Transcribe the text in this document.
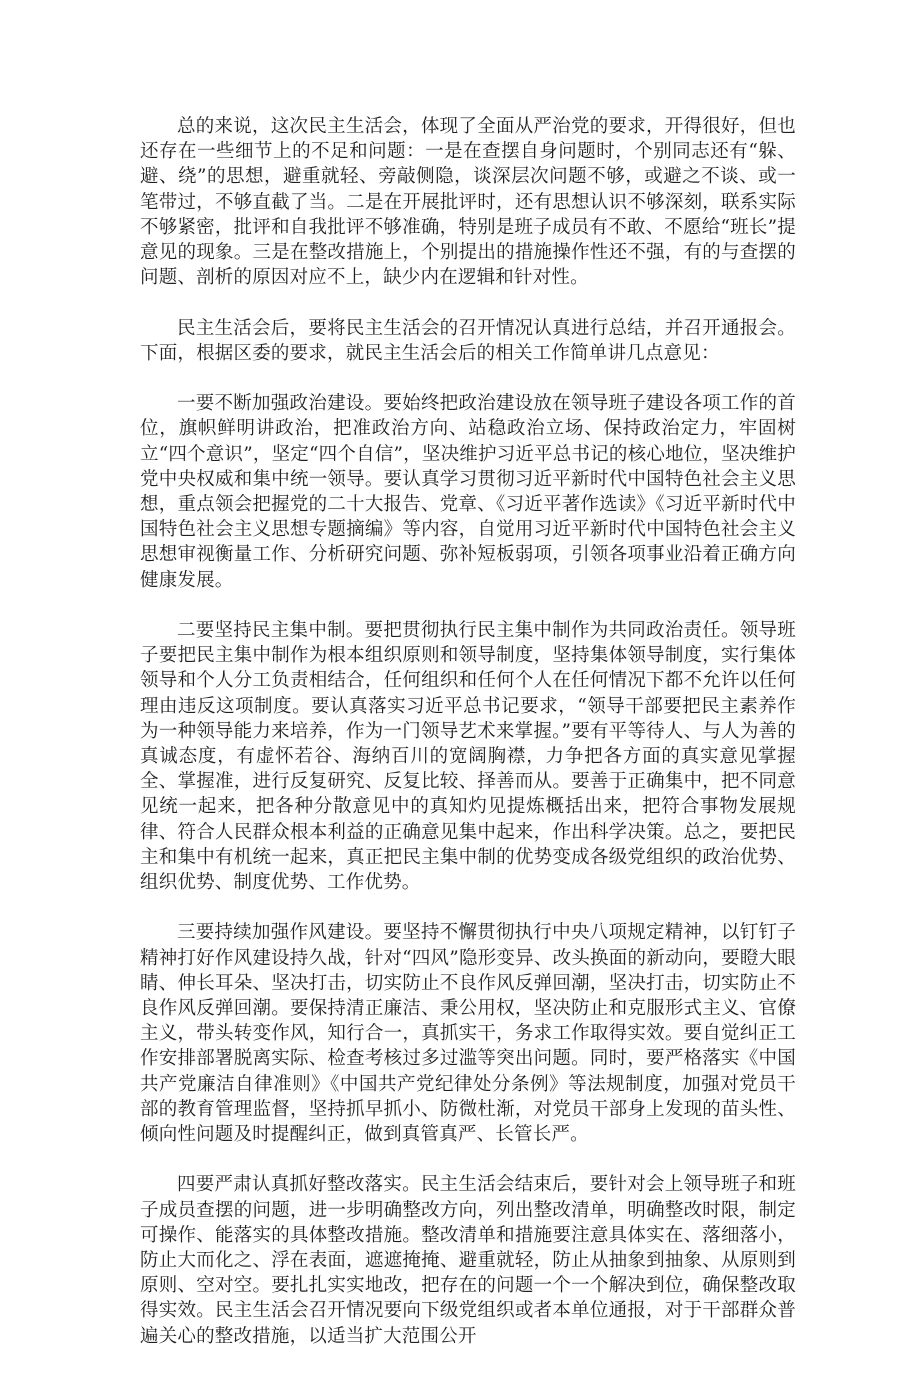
总的来说，这次民主生活会，体现了全面从严治党的要求，开得很好，但也还存在一些细节上的不足和问题：一是在查摆自身问题时，个别同志还有“躲、避、绕”的思想，避重就轻、旁敲侧隐，谈深层次问题不够，或避之不谈、或一笔带过，不够直截了当。二是在开展批评时，还有思想认识不够深刻，联系实际不够紧密，批评和自我批评不够准确，特别是班子成员有不敢、不愿给“班长”提意见的现象。三是在整改措施上，个别提出的措施操作性还不强，有的与查摆的问题、剖析的原因对应不上，缺少内在逻辑和针对性。

民主生活会后，要将民主生活会的召开情况认真进行总结，并召开通报会。下面，根据区委的要求，就民主生活会后的相关工作简单讲几点意见：

一要不断加强政治建设。要始终把政治建设放在领导班子建设各项工作的首位，旗帜鲜明讲政治，把准政治方向、站稳政治立场、保持政治定力，牢固树立“四个意识”，坚定“四个自信”，坚决维护习近平总书记的核心地位，坚决维护党中央权威和集中统一领导。要认真学习贯彻习近平新时代中国特色社会主义思想，重点领会把握党的二十大报告、党章、《习近平著作选读》《习近平新时代中国特色社会主义思想专题摘编》等内容，自觉用习近平新时代中国特色社会主义思想审视衡量工作、分析研究问题、弥补短板弱项，引领各项事业沿着正确方向健康发展。

二要坚持民主集中制。要把贯彻执行民主集中制作为共同政治责任。领导班子要把民主集中制作为根本组织原则和领导制度，坚持集体领导制度，实行集体领导和个人分工负责相结合，任何组织和任何个人在任何情况下都不允许以任何理由违反这项制度。要认真落实习近平总书记要求，“领导干部要把民主素养作为一种领导能力来培养，作为一门领导艺术来掌握。”要有平等待人、与人为善的真诚态度，有虚怀若谷、海纳百川的宽阔胸襟，力争把各方面的真实意见掌握全、掌握准，进行反复研究、反复比较、择善而从。要善于正确集中，把不同意见统一起来，把各种分散意见中的真知灼见提炼概括出来，把符合事物发展规律、符合人民群众根本利益的正确意见集中起来，作出科学决策。总之，要把民主和集中有机统一起来，真正把民主集中制的优势变成各级党组织的政治优势、组织优势、制度优势、工作优势。

三要持续加强作风建设。要坚持不懈贯彻执行中央八项规定精神，以钉钉子精神打好作风建设持久战，针对“四风”隐形变异、改头换面的新动向，要瞪大眼睛、伸长耳朵、坚决打击，切实防止不良作风反弹回潮，坚决打击，切实防止不良作风反弹回潮。要保持清正廉洁、秉公用权，坚决防止和克服形式主义、官僚主义，带头转变作风，知行合一，真抓实干，务求工作取得实效。要自觉纠正工作安排部署脱离实际、检查考核过多过滥等突出问题。同时，要严格落实《中国共产党廉洁自律准则》《中国共产党纪律处分条例》等法规制度，加强对党员干部的教育管理监督，坚持抓早抓小、防微杜渐，对党员干部身上发现的苗头性、倾向性问题及时提醒纠正，做到真管真严、长管长严。

四要严肃认真抓好整改落实。民主生活会结束后，要针对会上领导班子和班子成员查摆的问题，进一步明确整改方向，列出整改清单，明确整改时限，制定可操作、能落实的具体整改措施。整改清单和措施要注意具体实在、落细落小，防止大而化之、浮在表面，遮遮掩掩、避重就轻，防止从抽象到抽象、从原则到原则、空对空。要扎扎实实地改，把存在的问题一个一个解决到位，确保整改取得实效。民主生活会召开情况要向下级党组织或者本单位通报，对于干部群众普遍关心的整改措施，以适当扩大范围公开
